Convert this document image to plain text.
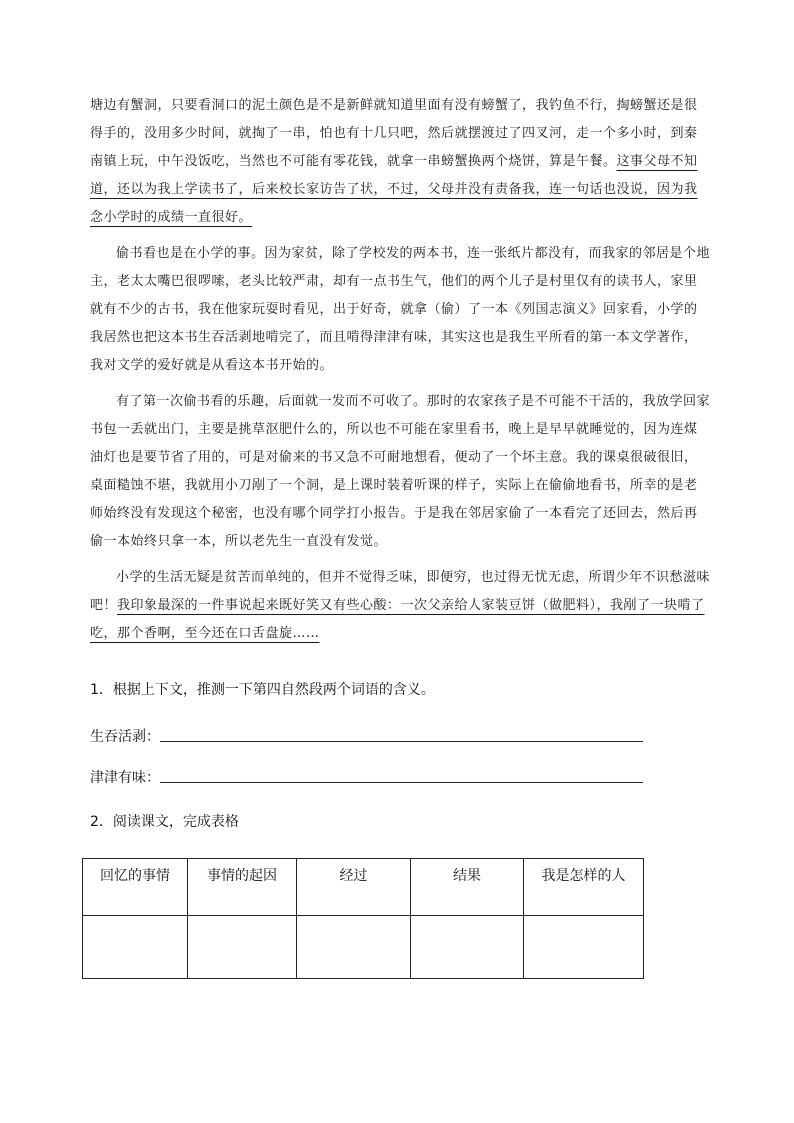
塘边有蟹洞，只要看洞口的泥土颜色是不是新鲜就知道里面有没有螃蟹了，我钓鱼不行，掏螃蟹还是很得手的，没用多少时间，就掏了一串，怕也有十几只吧，然后就摆渡过了四叉河，走一个多小时，到秦南镇上玩，中午没饭吃，当然也不可能有零花钱，就拿一串螃蟹换两个烧饼，算是午餐。这事父母不知道，还以为我上学读书了，后来校长家访告了状，不过，父母并没有责备我，连一句话也没说，因为我念小学时的成绩一直很好。

偷书看也是在小学的事。因为家贫，除了学校发的两本书，连一张纸片都没有，而我家的邻居是个地主，老太太嘴巴很啰嗦，老头比较严肃，却有一点书生气，他们的两个儿子是村里仅有的读书人，家里就有不少的古书，我在他家玩耍时看见，出于好奇，就拿（偷）了一本《列国志演义》回家看，小学的我居然也把这本书生吞活剥地啃完了，而且啃得津津有味，其实这也是我生平所看的第一本文学著作，我对文学的爱好就是从看这本书开始的。

有了第一次偷书看的乐趣，后面就一发而不可收了。那时的农家孩子是不可能不干活的，我放学回家书包一丢就出门，主要是挑草沤肥什么的，所以也不可能在家里看书，晚上是早早就睡觉的，因为连煤油灯也是要节省了用的，可是对偷来的书又急不可耐地想看，便动了一个坏主意。我的课桌很破很旧，桌面糙蚀不堪，我就用小刀剐了一个洞，是上课时装着听课的样子，实际上在偷偷地看书，所幸的是老师始终没有发现这个秘密，也没有哪个同学打小报告。于是我在邻居家偷了一本看完了还回去，然后再偷一本始终只拿一本，所以老先生一直没有发觉。

小学的生活无疑是贫苦而单纯的，但并不觉得乏味，即便穷，也过得无忧无虑，所谓少年不识愁滋味吧！我印象最深的一件事说起来既好笑又有些心酸：一次父亲给人家装豆饼（做肥料），我剐了一块啃了吃，那个香啊，至今还在口舌盘旋……

1．根据上下文，推测一下第四自然段两个词语的含义。

生吞活剥：
津津有味：

2．阅读课文，完成表格

回忆的事情	事情的起因	经过	结果	我是怎样的人
